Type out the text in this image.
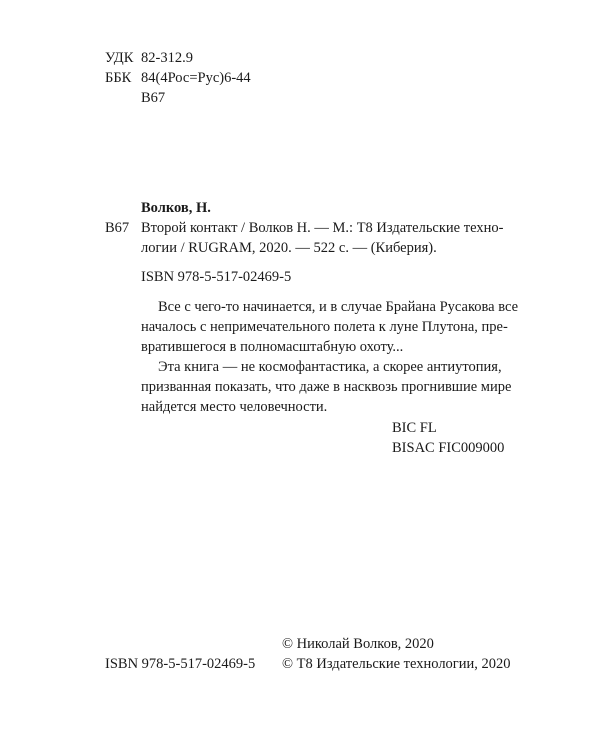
УДК 82-312.9
ББК 84(4Рос=Рус)6-44
В67
Волков, Н.
В67 Второй контакт / Волков Н. — М.: Т8 Издательские техно-
логии / RUGRAM, 2020. — 522 с. — (Киберия).
ISBN 978-5-517-02469-5
Все с чего-то начинается, и в случае Брайана Русакова все
началось с непримечательного полета к луне Плутона, пре-
вратившегося в полномасштабную охоту...
Эта книга — не космофантастика, а скорее антиутопия,
призванная показать, что даже в насквозь прогнившие мире
найдется место человечности.
BIC FL
BISAC FIC009000
© Николай Волков, 2020
ISBN 978-5-517-02469-5 © Т8 Издательские технологии, 2020
